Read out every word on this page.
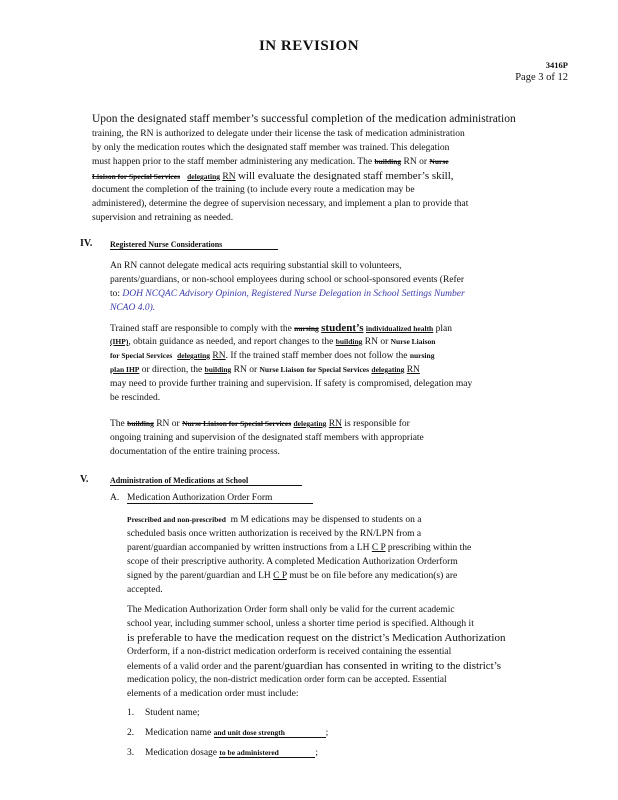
IN REVISION
3416P
Page 3 of 12
Upon the designated staff member’s successful completion of the medication administration
training, the RN is authorized to delegate under their license the task of medication administration
by only the medication routes which the designated staff member was trained. This delegation
must happen prior to the staff member administering any medication. The building RN or Nurse
Liaison for Special Services delegating RN will evaluate the designated staff member’s skill,
document the completion of the training (to include every route a medication may be
administered), determine the degree of supervision necessary, and implement a plan to provide that
supervision and retraining as needed.
IV. Registered Nurse Considerations
An RN cannot delegate medical acts requiring substantial skill to volunteers,
parents/guardians, or non-school employees during school or school-sponsored events (Refer
to: DOH NCQAC Advisory Opinion, Registered Nurse Delegation in School Settings Number
NCAO 4.0).
Trained staff are responsible to comply with the nursing student’s individualized health plan
(IHP), obtain guidance as needed, and report changes to the building RN or Nurse Liaison
for Special Services delegating RN. If the trained staff member does not follow the nursing
plan IHP or direction, the building RN or Nurse Liaison for Special Services delegating RN
may need to provide further training and supervision. If safety is compromised, delegation may
be rescinded.
The building RN or Nurse Liaison for Special Services delegating RN is responsible for
ongoing training and supervision of the designated staff members with appropriate
documentation of the entire training process.
V.	Administration of Medications at School
A. Medication Authorization Order Form
Prescribed and non-prescribed m M edications may be dispensed to students on a
scheduled basis once written authorization is received by the RN/LPN from a
parent/guardian accompanied by written instructions from a LH C P prescribing within the
scope of their prescriptive authority. A completed Medication Authorization Orderform
signed by the parent/guardian and LH C P must be on file before any medication(s) are
accepted.
The Medication Authorization Order form shall only be valid for the current academic
school year, including summer school, unless a shorter time period is specified. Although it
is preferable to have the medication request on the district’s Medication Authorization
Orderform, if a non-district medication orderform is received containing the essential
elements of a valid order and the parent/guardian has consented in writing to the district’s
medication policy, the non-district medication order form can be accepted. Essential
elements of a medication order must include:
1. Student name;
2. Medication name and unit dose strength	;
3. Medication dosage to be administered	;
